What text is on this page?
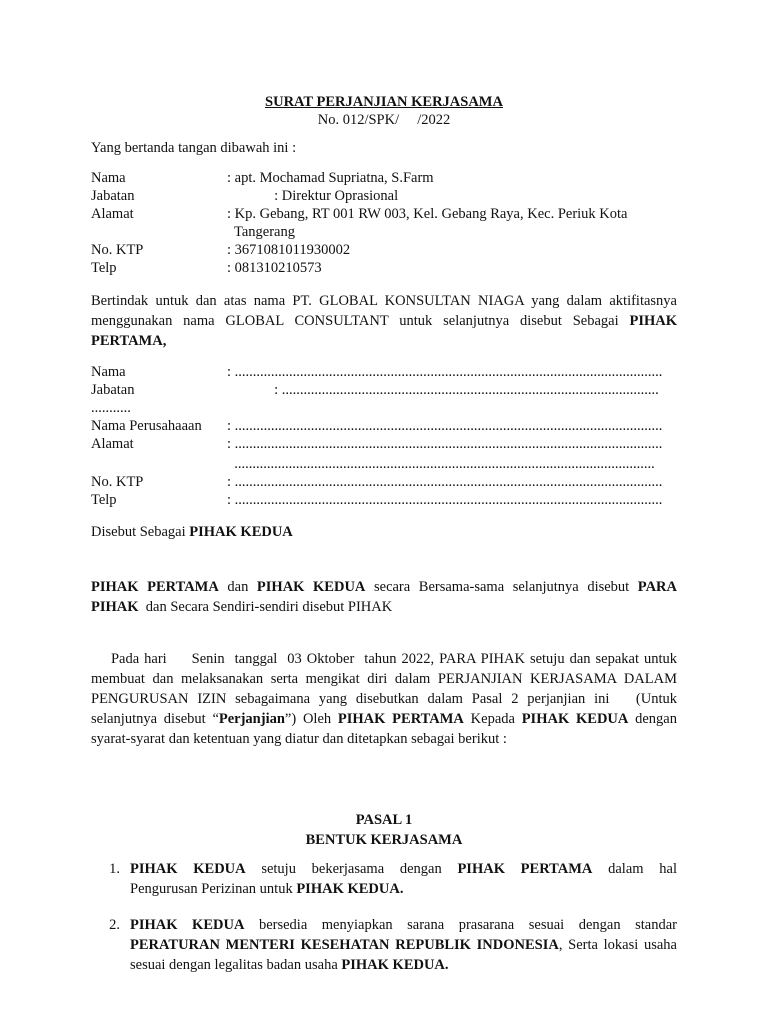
SURAT PERJANJIAN KERJASAMA
No. 012/SPK/     /2022
Yang bertanda tangan dibawah ini :
Nama	: apt. Mochamad Supriatna, S.Farm
Jabatan	: Direktur Oprasional
Alamat	: Kp. Gebang, RT 001 RW 003, Kel. Gebang Raya, Kec. Periuk Kota
Tangerang
No. KTP	: 3671081011930002
Telp	: 081310210573
Bertindak untuk dan atas nama PT. GLOBAL KONSULTAN NIAGA yang dalam aktifitasnya menggunakan nama GLOBAL CONSULTANT untuk selanjutnya disebut Sebagai PIHAK PERTAMA,
Nama	: ......................................................................................................................
Jabatan	: ........................................................................................................
...........
Nama Perusahaaan	: ......................................................................................................................
Alamat	: ......................................................................................................................
....................................................................................................................
No. KTP	: ......................................................................................................................
Telp	: ......................................................................................................................
Disebut Sebagai PIHAK KEDUA
PIHAK PERTAMA dan PIHAK KEDUA secara Bersama-sama selanjutnya disebut PARA PIHAK  dan Secara Sendiri-sendiri disebut PIHAK

Pada hari     Senin  tanggal  03 Oktober  tahun 2022, PARA PIHAK setuju dan sepakat untuk membuat dan melaksanakan serta mengikat diri dalam PERJANJIAN KERJASAMA DALAM PENGURUSAN IZIN sebagaimana yang disebutkan dalam Pasal 2 perjanjian ini   (Untuk selanjutnya disebut “Perjanjian”) Oleh PIHAK PERTAMA Kepada PIHAK KEDUA dengan syarat-syarat dan ketentuan yang diatur dan ditetapkan sebagai berikut :

PASAL 1
BENTUK KERJASAMA
1. PIHAK  KEDUA  setuju  bekerjasama  dengan  PIHAK  PERTAMA  dalam  hal Pengurusan Perizinan untuk PIHAK KEDUA.
2. PIHAK  KEDUA  bersedia  menyiapkan  sarana  prasarana  sesuai  dengan  standar PERATURAN MENTERI KESEHATAN REPUBLIK INDONESIA, Serta lokasi usaha sesuai dengan legalitas badan usaha PIHAK KEDUA.
